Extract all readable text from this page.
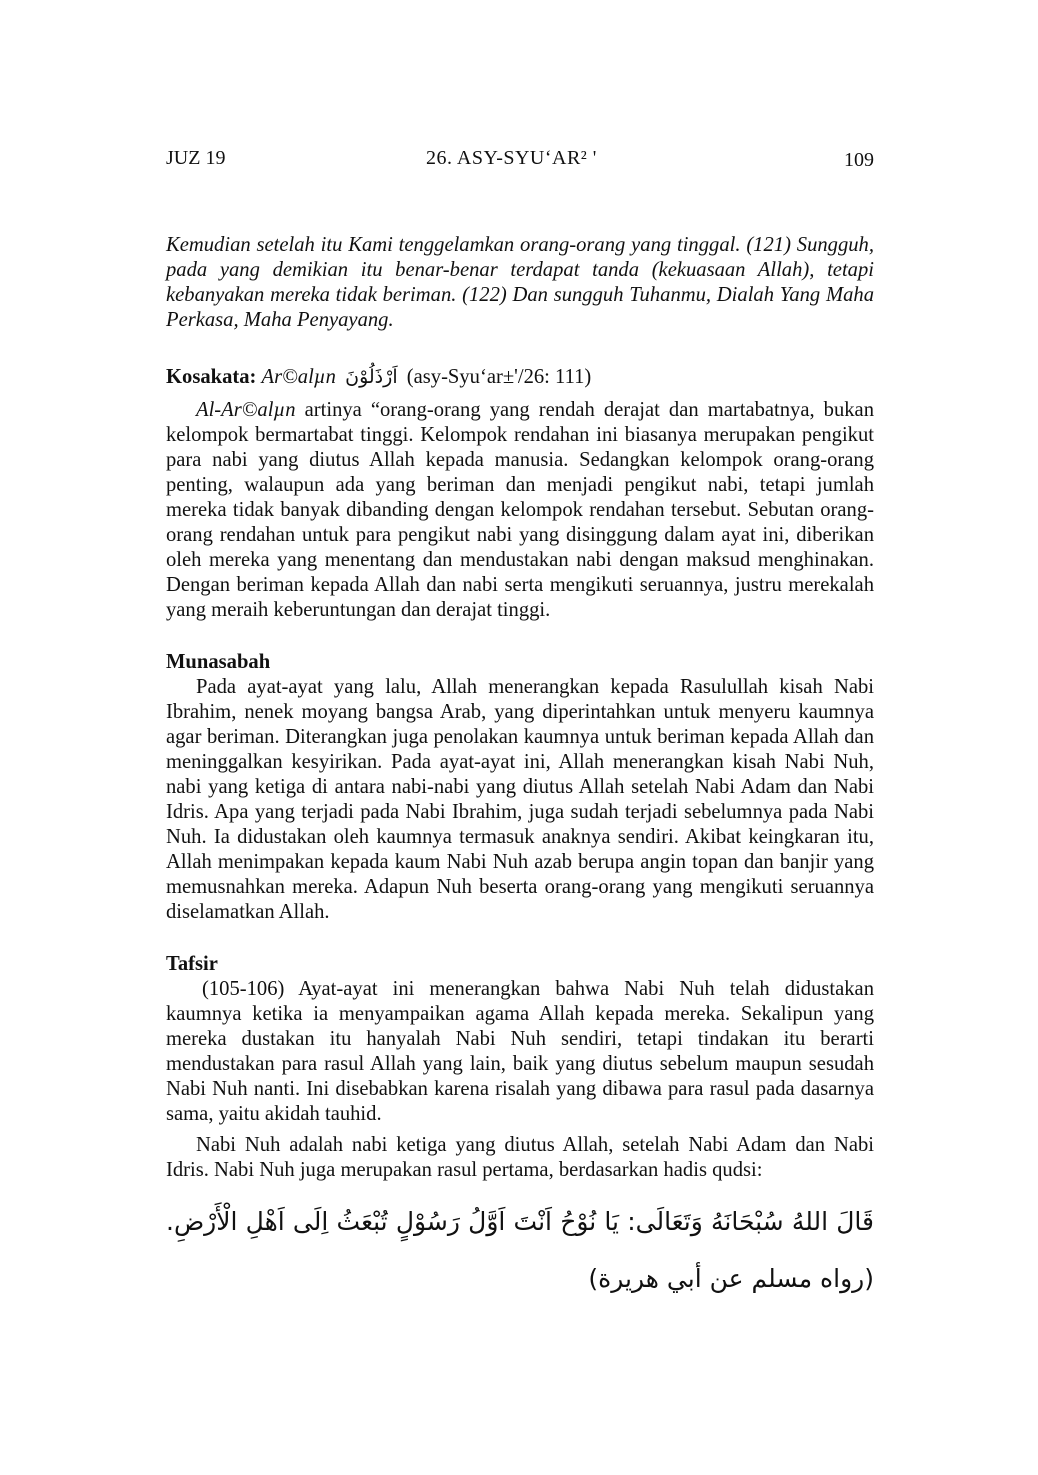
JUZ 19	26. ASY-SYU‘AR² '	109

Kemudian setelah itu Kami tenggelamkan orang-orang yang tinggal. (121) Sungguh, pada yang demikian itu benar-benar terdapat tanda (kekuasaan Allah), tetapi kebanyakan mereka tidak beriman. (122) Dan sungguh Tuhanmu, Dialah Yang Maha Perkasa, Maha Penyayang.

Kosakata: Ar©alµn اَرْذَلُوْنَ (asy-Syu‘ar±'/26: 111)

Al-Ar©alµn artinya “orang-orang yang rendah derajat dan martabatnya, bukan kelompok bermartabat tinggi. Kelompok rendahan ini biasanya merupakan pengikut para nabi yang diutus Allah kepada manusia. Sedangkan kelompok orang-orang penting, walaupun ada yang beriman dan menjadi pengikut nabi, tetapi jumlah mereka tidak banyak dibanding dengan kelompok rendahan tersebut. Sebutan orang-orang rendahan untuk para pengikut nabi yang disinggung dalam ayat ini, diberikan oleh mereka yang menentang dan mendustakan nabi dengan maksud menghinakan. Dengan beriman kepada Allah dan nabi serta mengikuti seruannya, justru merekalah yang meraih keberuntungan dan derajat tinggi.

Munasabah

Pada ayat-ayat yang lalu, Allah menerangkan kepada Rasulullah kisah Nabi Ibrahim, nenek moyang bangsa Arab, yang diperintahkan untuk menyeru kaumnya agar beriman. Diterangkan juga penolakan kaumnya untuk beriman kepada Allah dan meninggalkan kesyirikan. Pada ayat-ayat ini, Allah menerangkan kisah Nabi Nuh, nabi yang ketiga di antara nabi-nabi yang diutus Allah setelah Nabi Adam dan Nabi Idris. Apa yang terjadi pada Nabi Ibrahim, juga sudah terjadi sebelumnya pada Nabi Nuh. Ia didustakan oleh kaumnya termasuk anaknya sendiri. Akibat keingkaran itu, Allah menimpakan kepada kaum Nabi Nuh azab berupa angin topan dan banjir yang memusnahkan mereka. Adapun Nuh beserta orang-orang yang mengikuti seruannya diselamatkan Allah.

Tafsir

(105-106) Ayat-ayat ini menerangkan bahwa Nabi Nuh telah didustakan kaumnya ketika ia menyampaikan agama Allah kepada mereka. Sekalipun yang mereka dustakan itu hanyalah Nabi Nuh sendiri, tetapi tindakan itu berarti mendustakan para rasul Allah yang lain, baik yang diutus sebelum maupun sesudah Nabi Nuh nanti. Ini disebabkan karena risalah yang dibawa para rasul pada dasarnya sama, yaitu akidah tauhid.

Nabi Nuh adalah nabi ketiga yang diutus Allah, setelah Nabi Adam dan Nabi Idris. Nabi Nuh juga merupakan rasul pertama, berdasarkan hadis qudsi:

قَالَ اللهُ سُبْحَانَهُ وَتَعَالَى: يَا نُوْحُ اَنْتَ اَوَّلُ رَسُوْلٍ تُبْعَثُ اِلَى اَهْلِ الْأَرْضِ. (رواه مسلم عن أبي هريرة)
